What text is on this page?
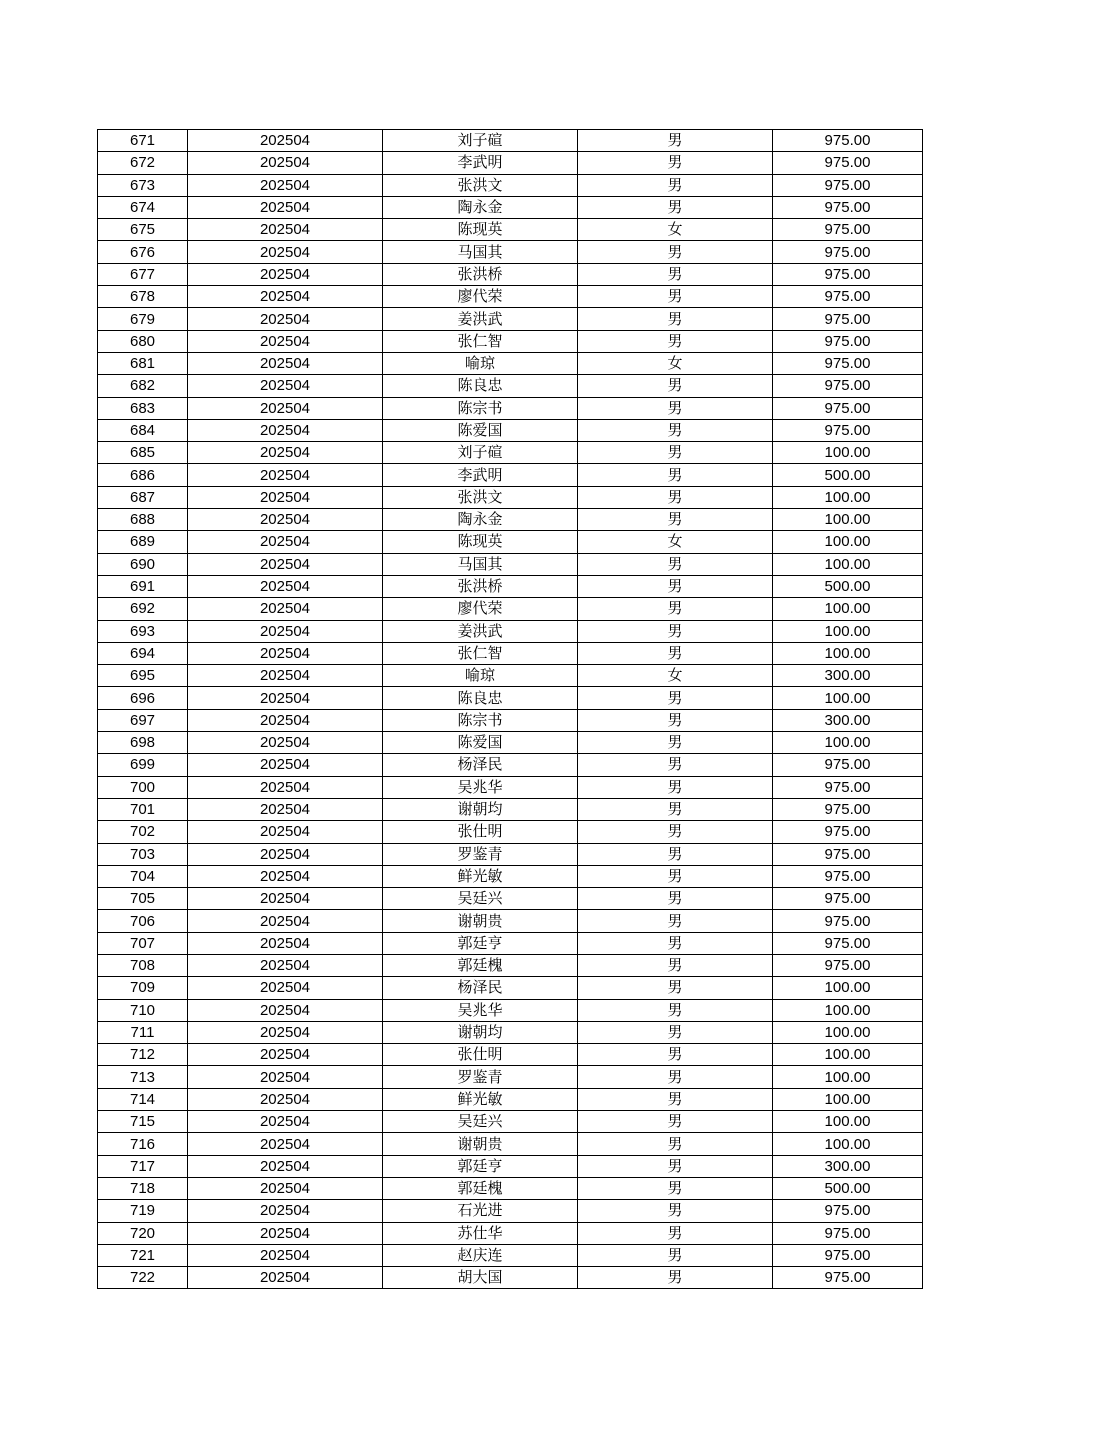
671	202504	刘子碹	男	975.00
672	202504	李武明	男	975.00
673	202504	张洪文	男	975.00
674	202504	陶永金	男	975.00
675	202504	陈现英	女	975.00
676	202504	马国其	男	975.00
677	202504	张洪桥	男	975.00
678	202504	廖代荣	男	975.00
679	202504	姜洪武	男	975.00
680	202504	张仁智	男	975.00
681	202504	喻琼	女	975.00
682	202504	陈良忠	男	975.00
683	202504	陈宗书	男	975.00
684	202504	陈爱国	男	975.00
685	202504	刘子碹	男	100.00
686	202504	李武明	男	500.00
687	202504	张洪文	男	100.00
688	202504	陶永金	男	100.00
689	202504	陈现英	女	100.00
690	202504	马国其	男	100.00
691	202504	张洪桥	男	500.00
692	202504	廖代荣	男	100.00
693	202504	姜洪武	男	100.00
694	202504	张仁智	男	100.00
695	202504	喻琼	女	300.00
696	202504	陈良忠	男	100.00
697	202504	陈宗书	男	300.00
698	202504	陈爱国	男	100.00
699	202504	杨泽民	男	975.00
700	202504	吴兆华	男	975.00
701	202504	谢朝均	男	975.00
702	202504	张仕明	男	975.00
703	202504	罗鉴青	男	975.00
704	202504	鲜光敏	男	975.00
705	202504	吴廷兴	男	975.00
706	202504	谢朝贵	男	975.00
707	202504	郭廷亨	男	975.00
708	202504	郭廷槐	男	975.00
709	202504	杨泽民	男	100.00
710	202504	吴兆华	男	100.00
711	202504	谢朝均	男	100.00
712	202504	张仕明	男	100.00
713	202504	罗鉴青	男	100.00
714	202504	鲜光敏	男	100.00
715	202504	吴廷兴	男	100.00
716	202504	谢朝贵	男	100.00
717	202504	郭廷亨	男	300.00
718	202504	郭廷槐	男	500.00
719	202504	石光进	男	975.00
720	202504	苏仕华	男	975.00
721	202504	赵庆连	男	975.00
722	202504	胡大国	男	975.00
